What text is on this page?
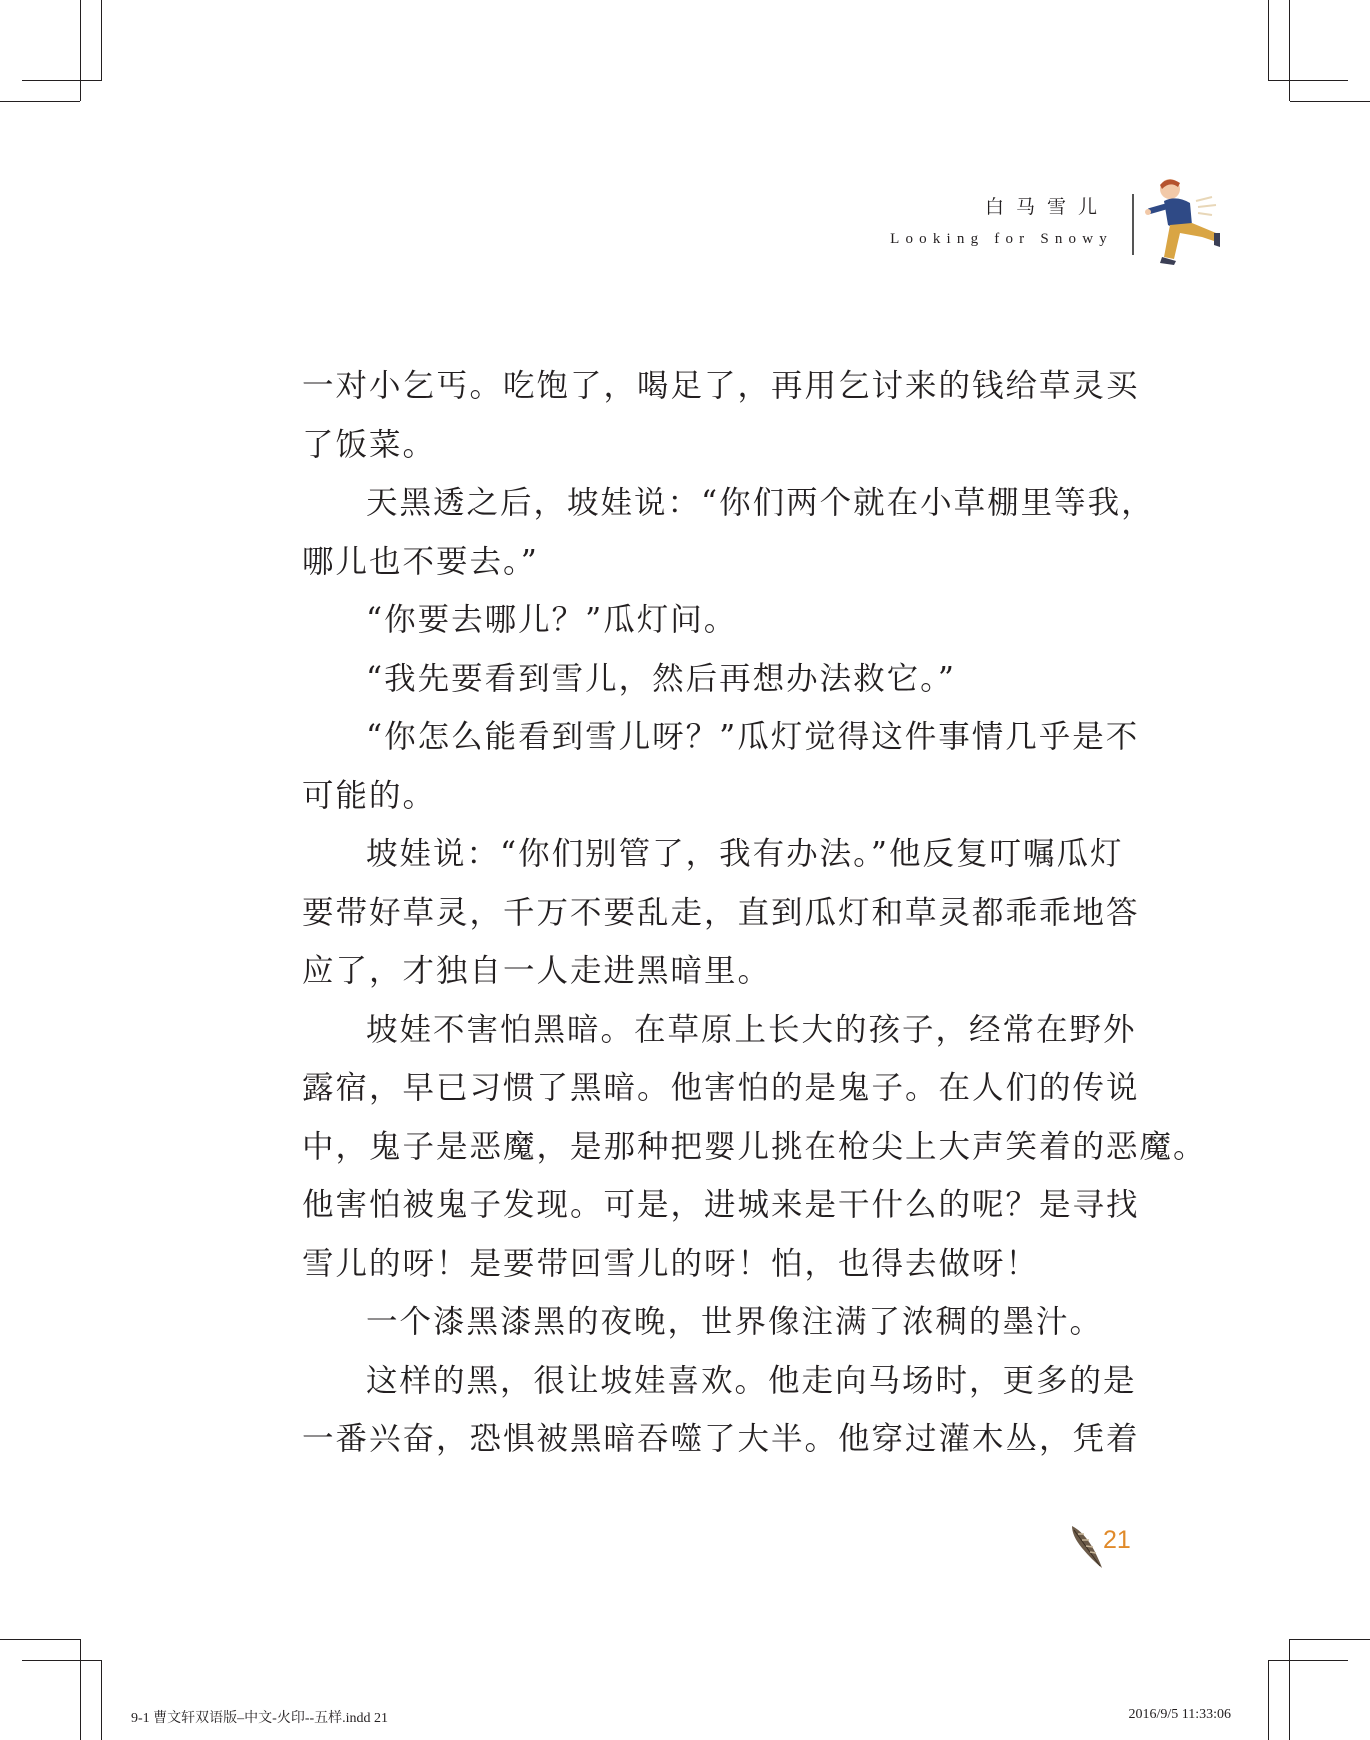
白马雪儿
Looking for Snowy
一对小乞丐。吃饱了，喝足了，再用乞讨来的钱给草灵买
了饭菜。
天黑透之后，坡娃说：“你们两个就在小草棚里等我，
哪儿也不要去。”
“你要去哪儿？”瓜灯问。
“我先要看到雪儿，然后再想办法救它。”
“你怎么能看到雪儿呀？”瓜灯觉得这件事情几乎是不
可能的。
坡娃说：“你们别管了，我有办法。”他反复叮嘱瓜灯
要带好草灵，千万不要乱走，直到瓜灯和草灵都乖乖地答
应了，才独自一人走进黑暗里。
坡娃不害怕黑暗。在草原上长大的孩子，经常在野外
露宿，早已习惯了黑暗。他害怕的是鬼子。在人们的传说
中，鬼子是恶魔，是那种把婴儿挑在枪尖上大声笑着的恶魔。
他害怕被鬼子发现。可是，进城来是干什么的呢？是寻找
雪儿的呀！是要带回雪儿的呀！怕，也得去做呀！
一个漆黑漆黑的夜晚，世界像注满了浓稠的墨汁。
这样的黑，很让坡娃喜欢。他走向马场时，更多的是
一番兴奋，恐惧被黑暗吞噬了大半。他穿过灌木丛，凭着
21
9-1 曹文轩双语版–中文-火印--五样.indd 21	2016/9/5 11:33:06
